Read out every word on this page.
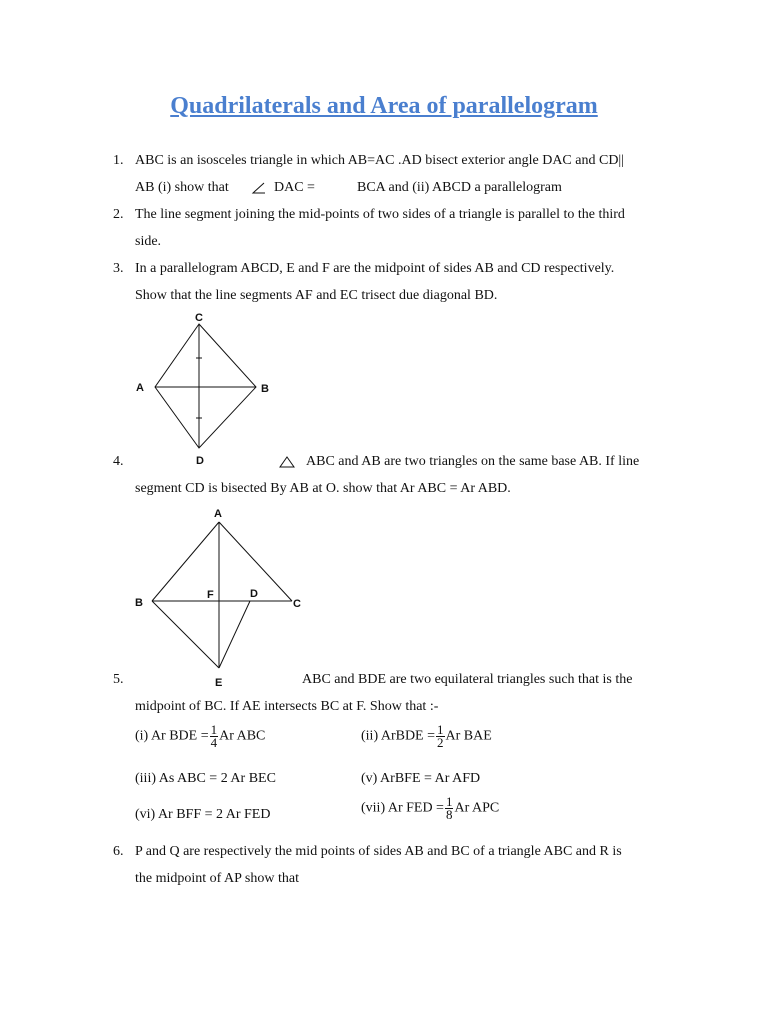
Quadrilaterals and Area of parallelogram
1. ABC is an isosceles triangle in which AB=AC .AD bisect exterior angle DAC and CD||
AB (i) show that	DAC =	BCA and (ii) ABCD a parallelogram
2. The line segment joining the mid-points of two sides of a triangle is parallel to the third
side.
3. In a parallelogram ABCD, E and F are the midpoint of sides AB and CD respectively.
Show that the line segments AF and EC trisect due diagonal BD.
C
A	B
D
4.	ABC and AB are two triangles on the same base AB. If line
segment CD is bisected By AB at O. show that Ar ABC = Ar ABD.
A
B	C
E
F	D
5.	ABC and BDE are two equilateral triangles such that is the
midpoint of BC. If AE intersects BC at F. Show that :-
(i) Ar BDE = $\frac{1}{4}$ Ar ABC	(ii) ArBDE = $\frac{1}{2}$ Ar BAE
(iii) As ABC = 2 Ar BEC	(v) ArBFE = Ar AFD
(vi) Ar BFF = 2 Ar FED	(vii) Ar FED = $\frac{1}{8}$ Ar APC
6. P and Q are respectively the mid points of sides AB and BC of a triangle ABC and R is
the midpoint of AP show that
